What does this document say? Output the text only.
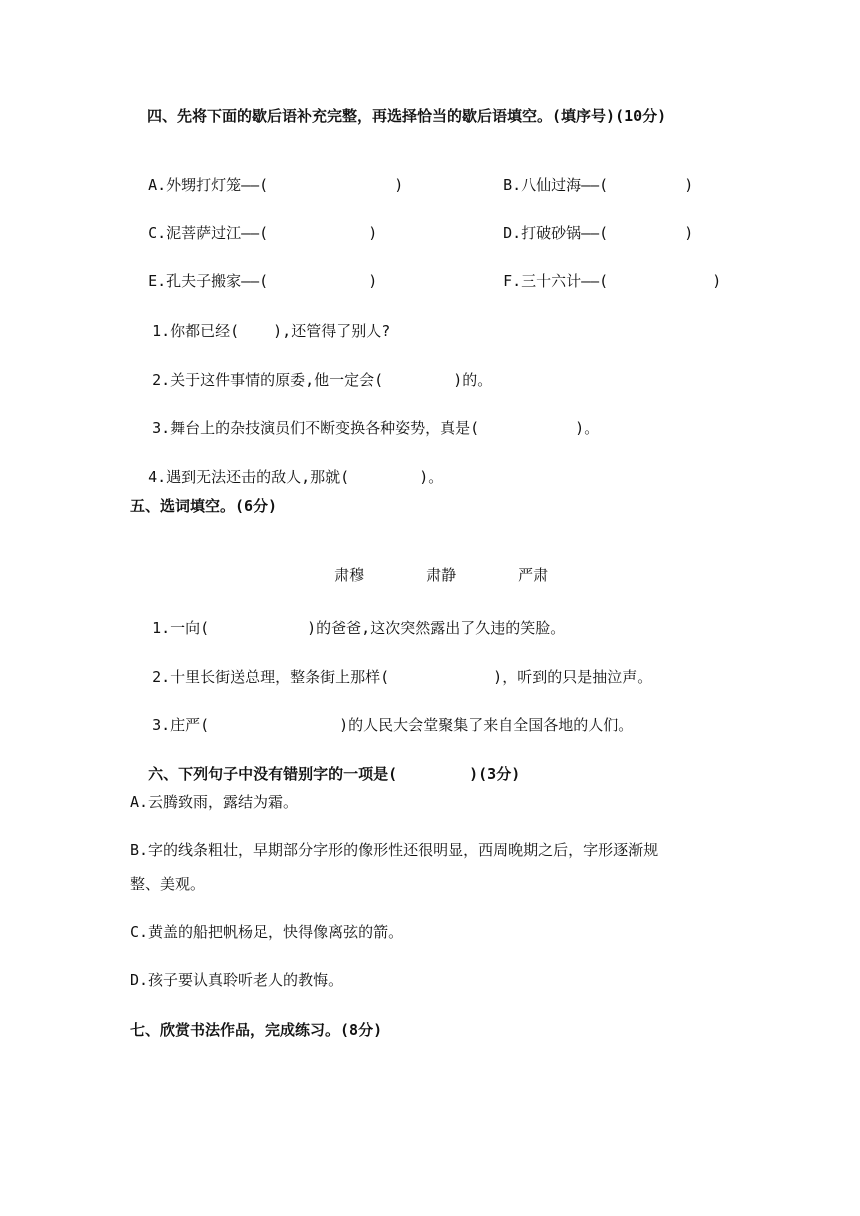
四、先将下面的歇后语补充完整，再选择恰当的歇后语填空。(填序号)(10分)

A.外甥打灯笼——(	)	B.八仙过海——(	)

C.泥菩萨过江——(	)	D.打破砂锅——(	)

E.孔夫子搬家——(	)	F.三十六计——(	)

1.你都已经( ),还管得了别人?

2.关于这件事情的原委,他一定会(	)的。

3.舞台上的杂技演员们不断变换各种姿势，真是(	)。

4.遇到无法还击的敌人,那就(	)。

五、选词填空。(6分)

肃穆	肃静	严肃

1.一向(	)的爸爸,这次突然露出了久违的笑脸。

2.十里长街送总理，整条街上那样(	)，听到的只是抽泣声。

3.庄严(	)的人民大会堂聚集了来自全国各地的人们。

六、下列句子中没有错别字的一项是(	)(3分)

A.云腾致雨，露结为霜。
B.字的线条粗壮，早期部分字形的像形性还很明显，西周晚期之后，字形逐渐规
整、美观。
C.黄盖的船把帆杨足，快得像离弦的箭。
D.孩子要认真聆听老人的教悔。
七、欣赏书法作品，完成练习。(8分)
